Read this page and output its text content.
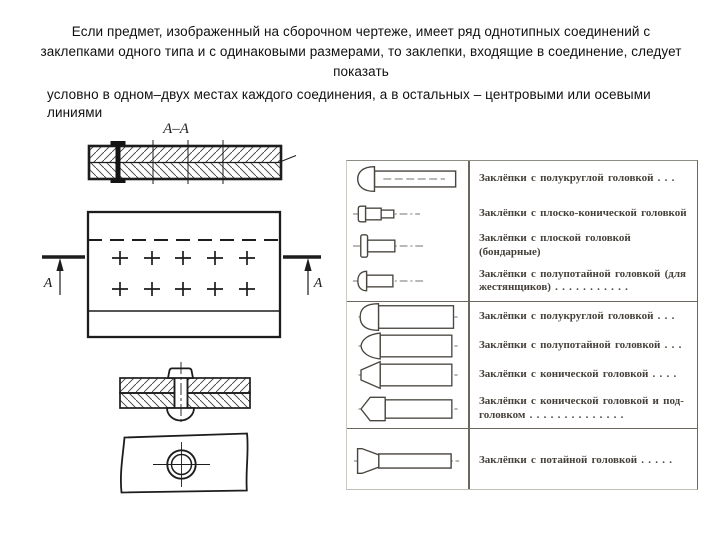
Если предмет, изображенный на сборочном чертеже, имеет ряд однотипных соединений с заклепками одного типа и с одинаковыми размерами, то заклепки, входящие в соединение, следует показать
условно в одном–двух местах каждого соединения, а в остальных – центровыми или осевыми линиями
А–А
А	А
Заклёпки с полукруглой головкой . . .
Заклёпки с плоско-конической головкой
Заклёпки с плоской головкой (бондарные)
Заклёпки с полупотайной головкой (для жестянщиков) . . . . . . . . . . .
Заклёпки с полукруглой головкой . . .
Заклёпки с полупотайной головкой . . .
Заклёпки с конической головкой . . . .
Заклёпки с конической головкой и под-головком . . . . . . . . . . . . . .
Заклёпки с потайной головкой . . . . .
